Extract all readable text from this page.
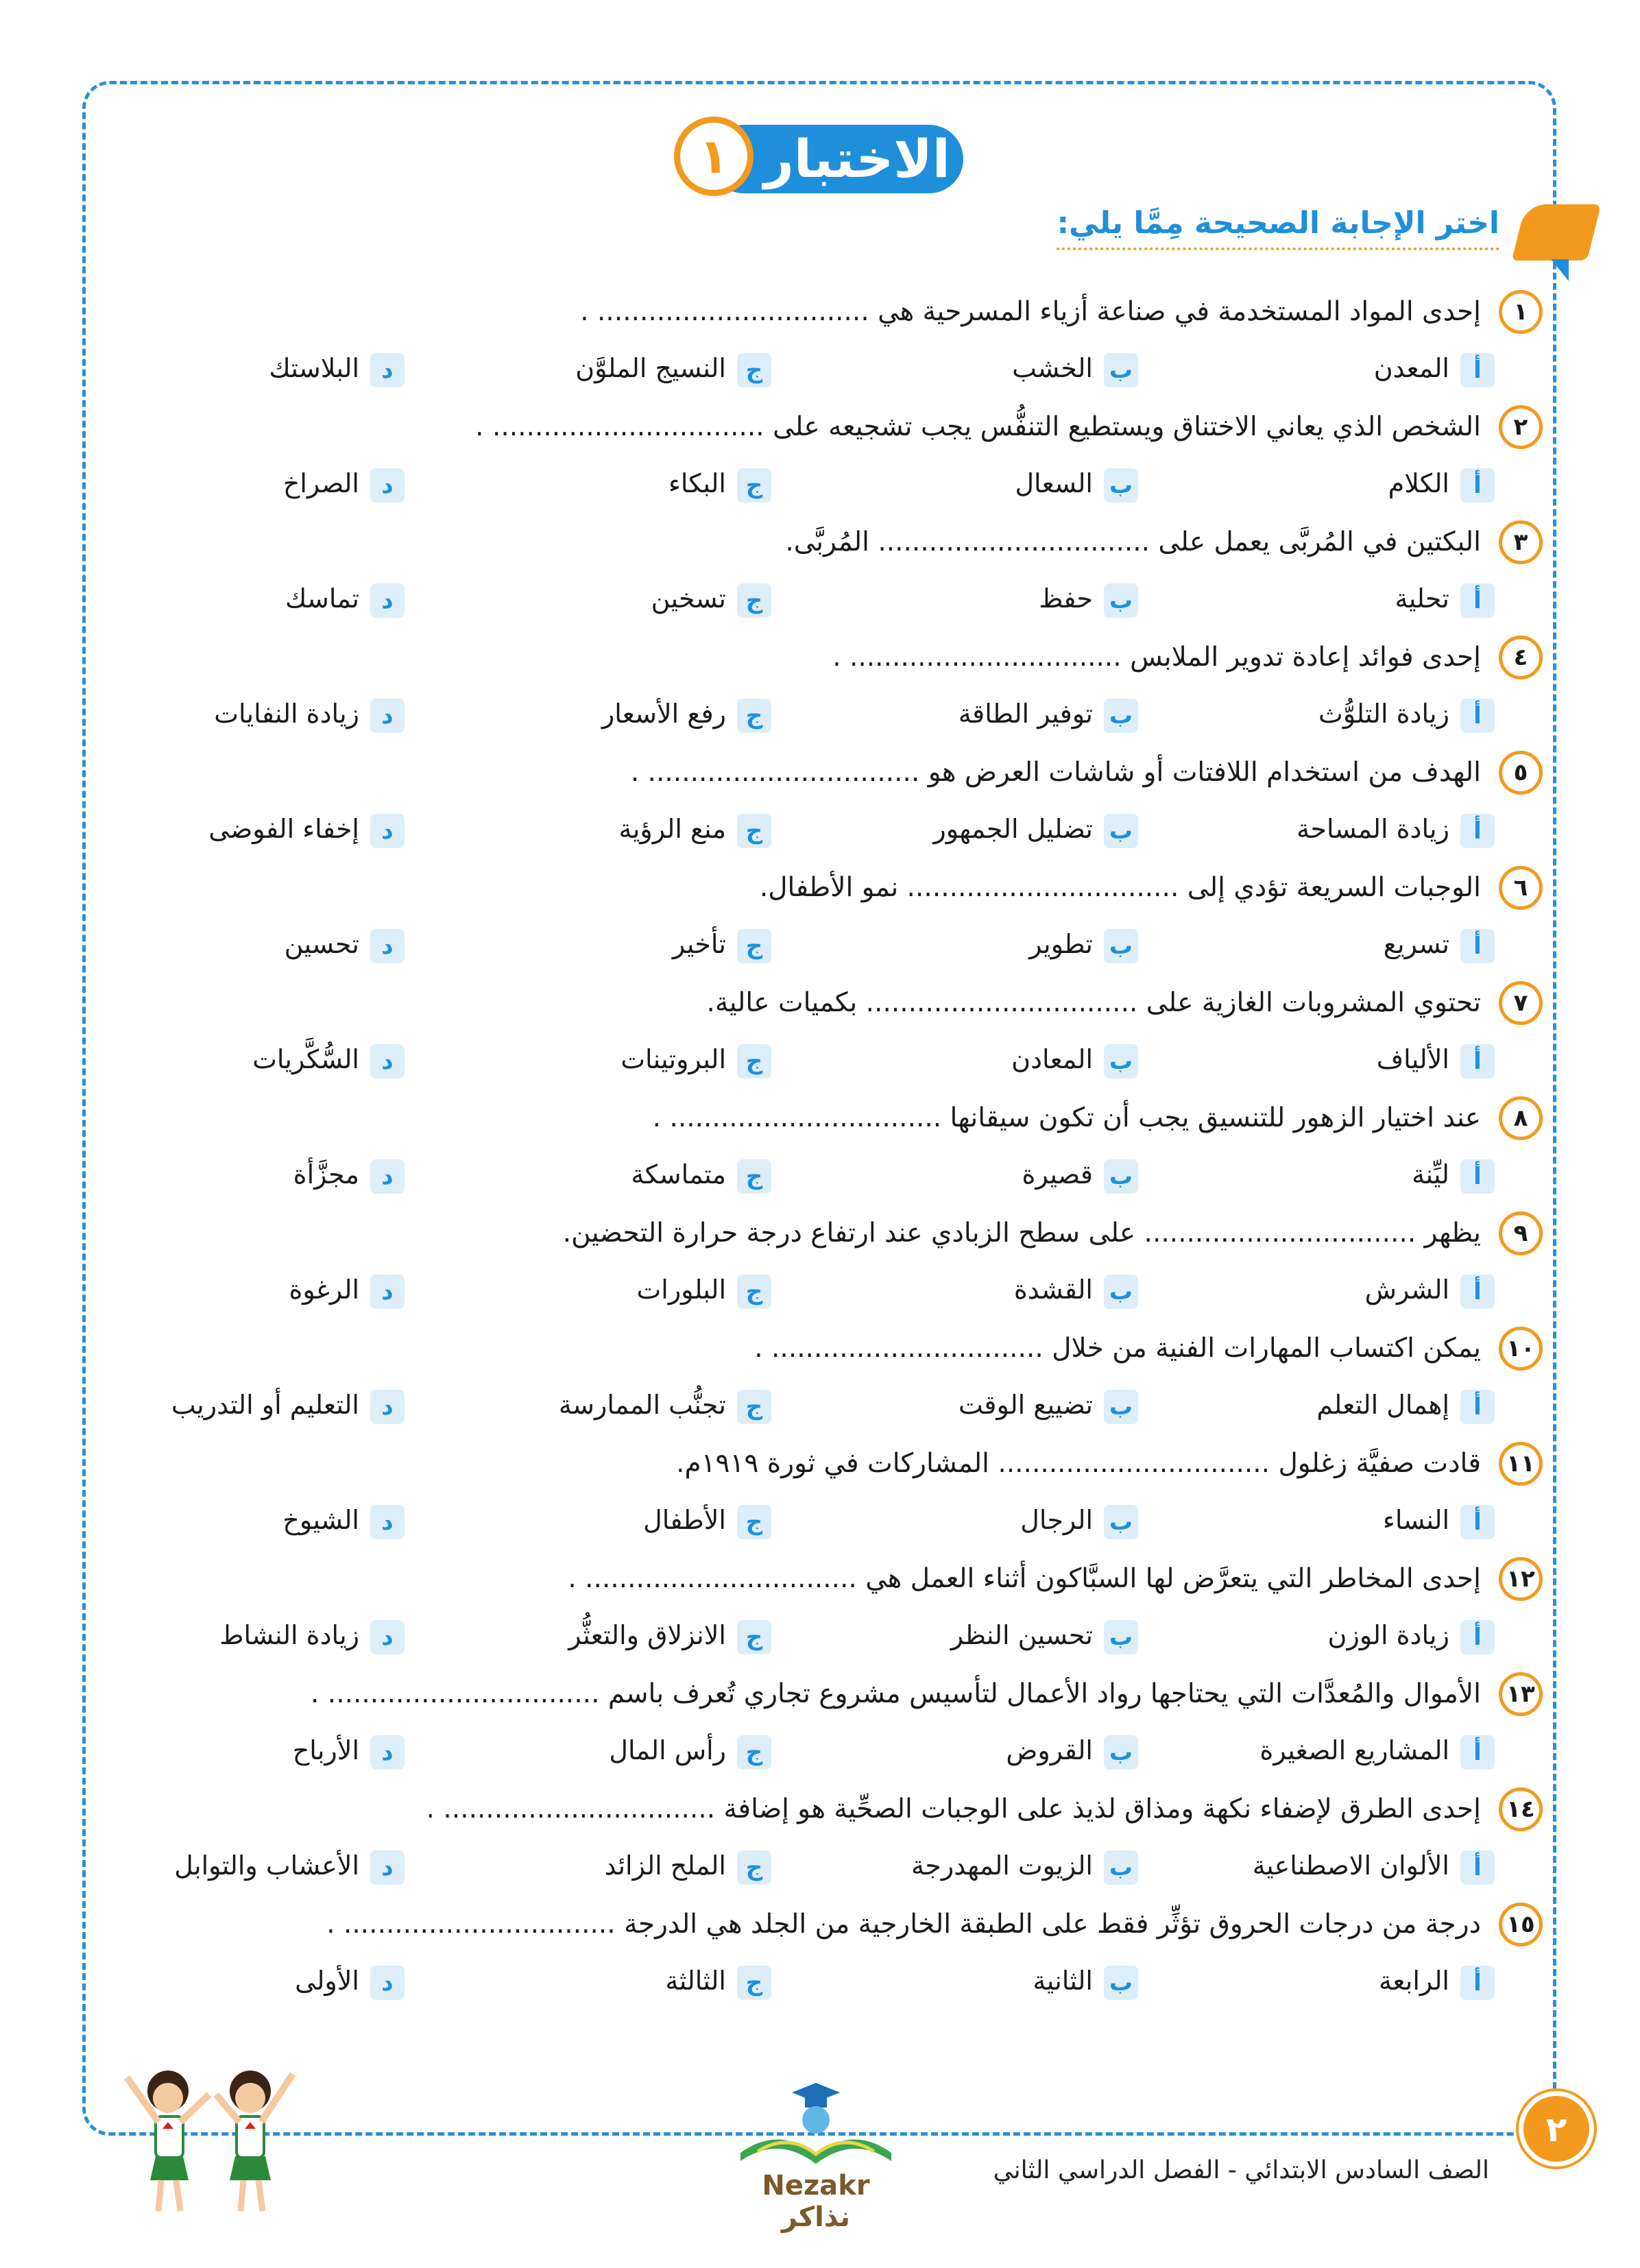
الاختبار
١
اختر الإجابة الصحيحة مِمَّا يلي:
١
إحدى المواد المستخدمة في صناعة أزياء المسرحية هي ................................ .
أالمعدن
بالخشب
جالنسيج الملوَّن
دالبلاستك
٢
الشخص الذي يعاني الاختناق ويستطيع التنفُّس يجب تشجيعه على ................................ .
أالكلام
بالسعال
جالبكاء
دالصراخ
٣
البكتين في المُربَّى يعمل على ................................ المُربَّى.
أتحلية
بحفظ
جتسخين
دتماسك
٤
إحدى فوائد إعادة تدوير الملابس ................................ .
أزيادة التلوُّث
بتوفير الطاقة
جرفع الأسعار
دزيادة النفايات
٥
الهدف من استخدام اللافتات أو شاشات العرض هو ................................ .
أزيادة المساحة
بتضليل الجمهور
جمنع الرؤية
دإخفاء الفوضى
٦
الوجبات السريعة تؤدي إلى ................................ نمو الأطفال.
أتسريع
بتطوير
جتأخير
دتحسين
٧
تحتوي المشروبات الغازية على ................................ بكميات عالية.
أالألياف
بالمعادن
جالبروتينات
دالسُّكَّريات
٨
عند اختيار الزهور للتنسيق يجب أن تكون سيقانها ................................ .
أليِّنة
بقصيرة
جمتماسكة
دمجزَّأة
٩
يظهر ................................ على سطح الزبادي عند ارتفاع درجة حرارة التحضين.
أالشرش
بالقشدة
جالبلورات
دالرغوة
١٠
يمكن اكتساب المهارات الفنية من خلال ................................ .
أإهمال التعلم
بتضييع الوقت
جتجنُّب الممارسة
دالتعليم أو التدريب
١١
قادت صفيَّة زغلول ................................ المشاركات في ثورة ١٩١٩م.
أالنساء
بالرجال
جالأطفال
دالشيوخ
١٢
إحدى المخاطر التي يتعرَّض لها السبَّاكون أثناء العمل هي ................................ .
أزيادة الوزن
بتحسين النظر
جالانزلاق والتعثُّر
دزيادة النشاط
١٣
الأموال والمُعدَّات التي يحتاجها رواد الأعمال لتأسيس مشروع تجاري تُعرف باسم ................................ .
أالمشاريع الصغيرة
بالقروض
جرأس المال
دالأرباح
١٤
إحدى الطرق لإضفاء نكهة ومذاق لذيذ على الوجبات الصحِّية هو إضافة ................................ .
أالألوان الاصطناعية
بالزيوت المهدرجة
جالملح الزائد
دالأعشاب والتوابل
١٥
درجة من درجات الحروق تؤثِّر فقط على الطبقة الخارجية من الجلد هي الدرجة ................................ .
أالرابعة
بالثانية
جالثالثة
دالأولى
Nezakr نذاكر
٢
الصف السادس الابتدائي - الفصل الدراسي الثاني
